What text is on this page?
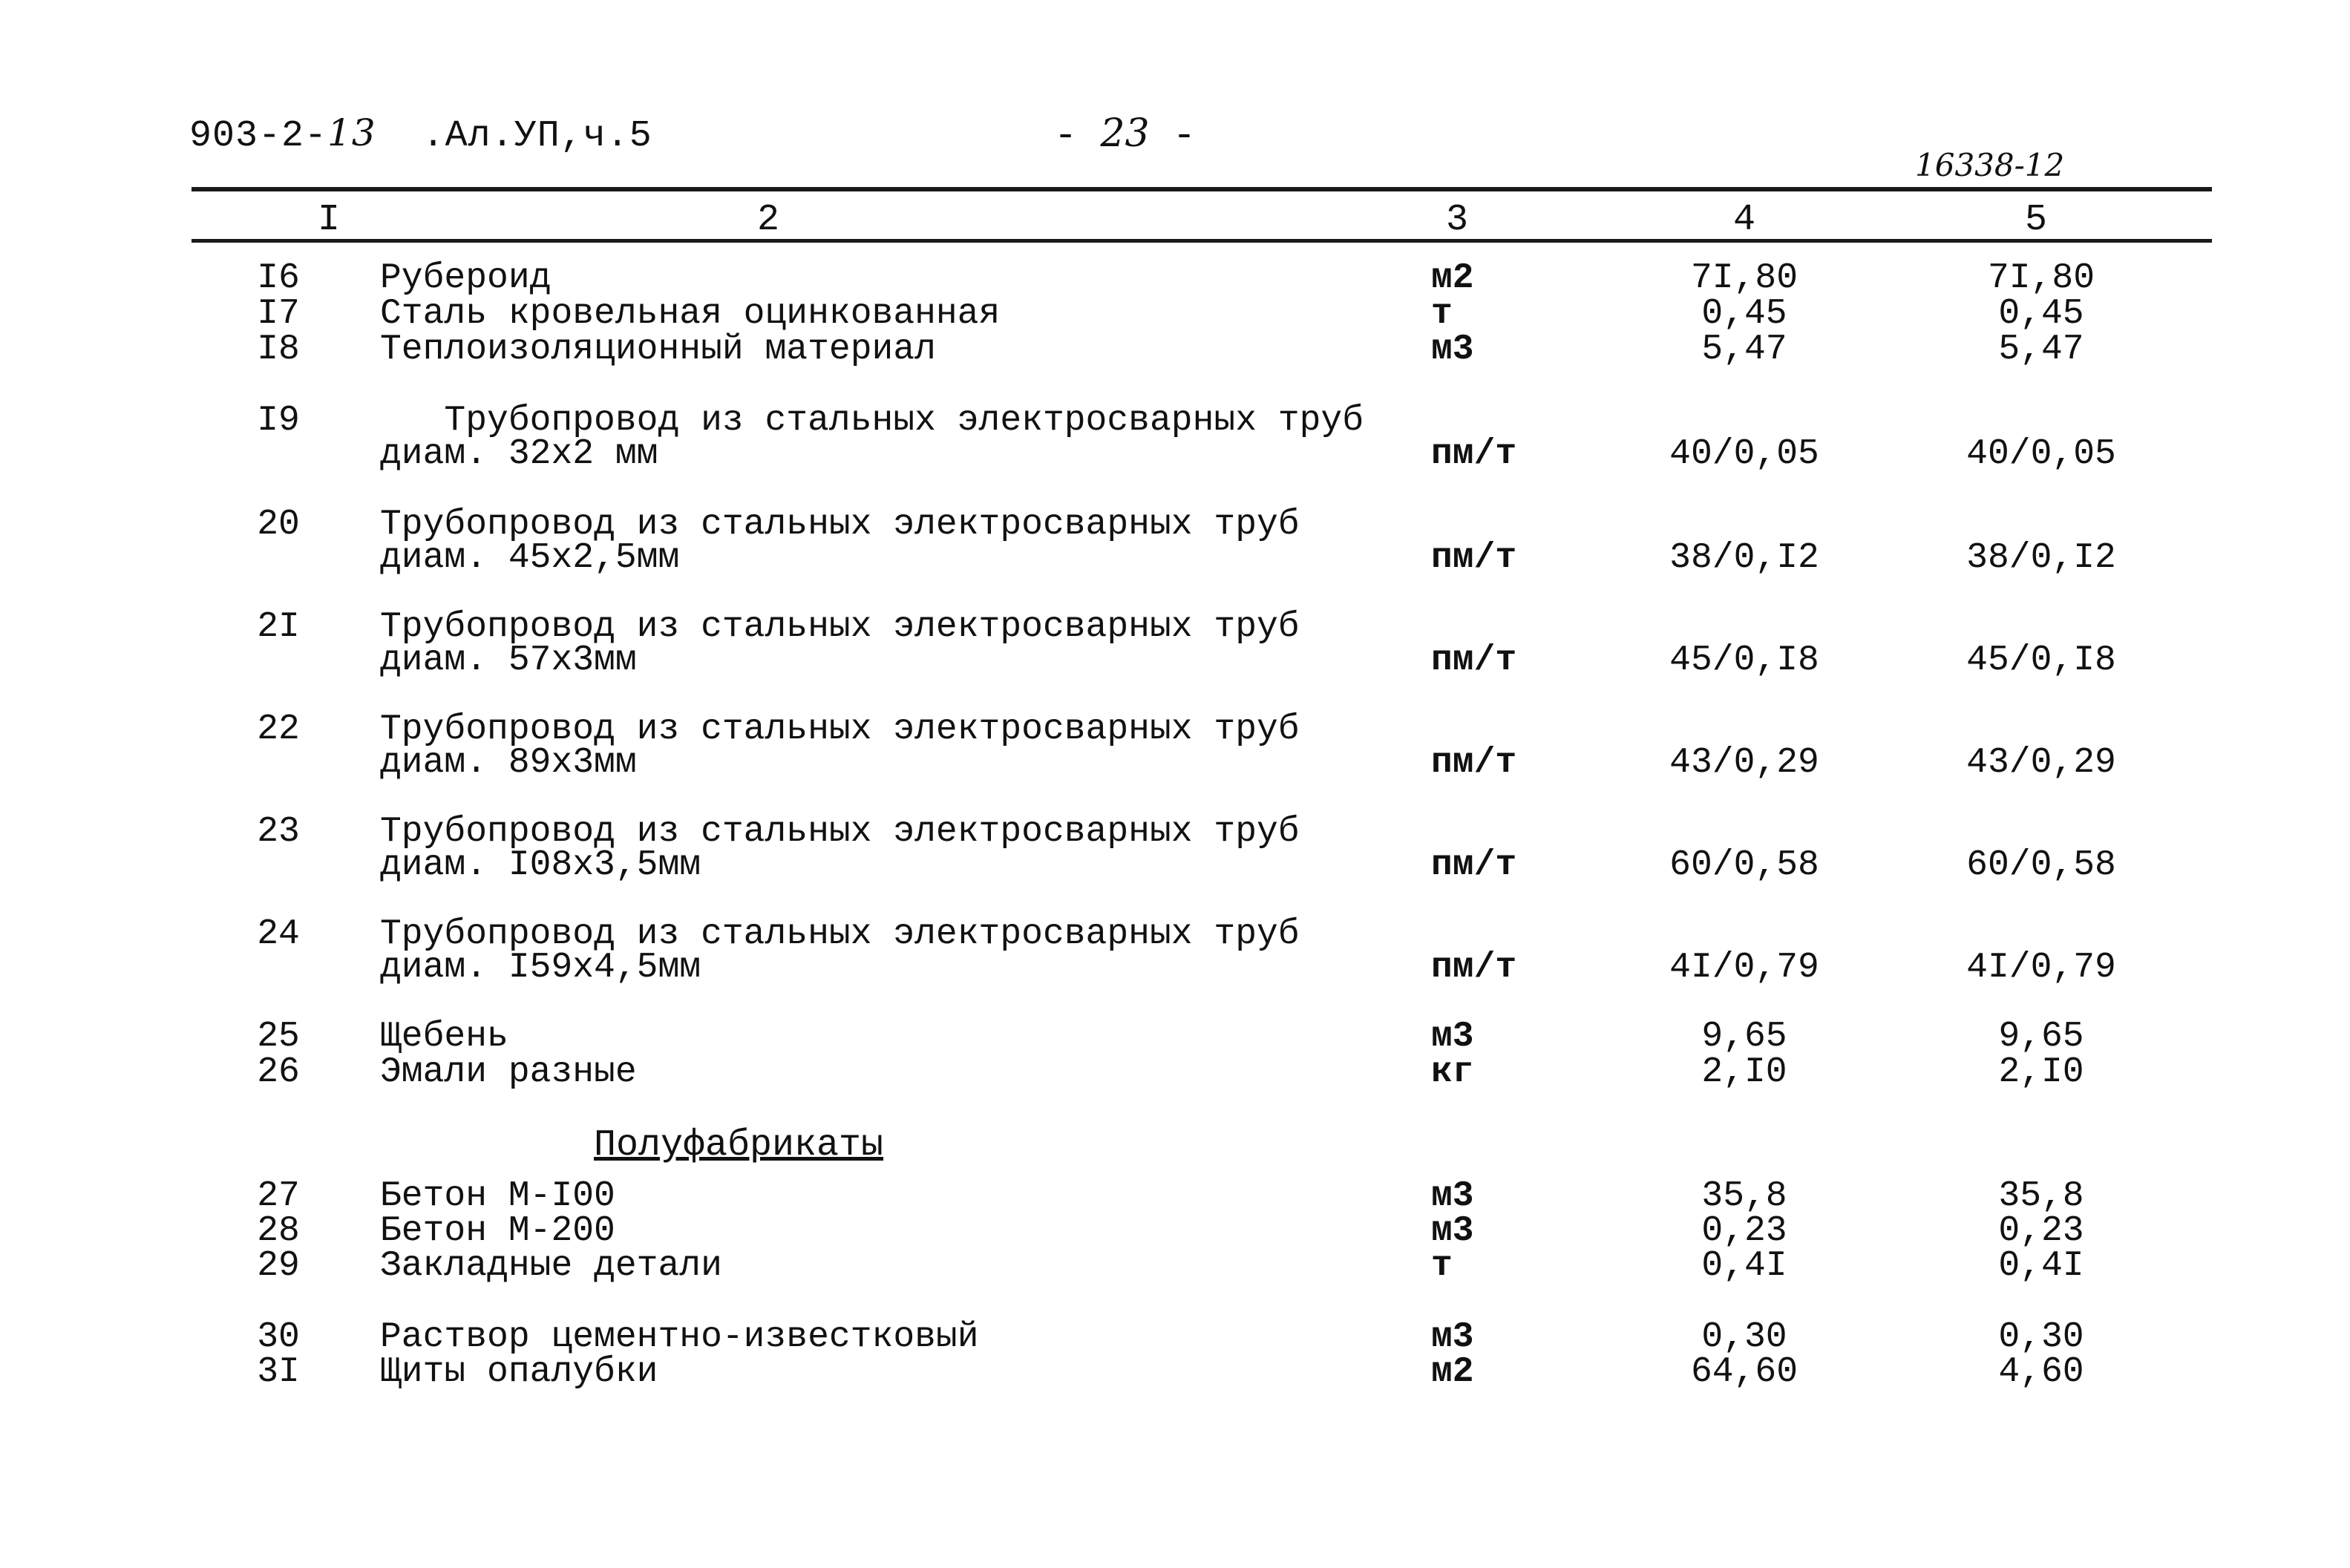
903-2-13 .Ал.УП,ч.5	- 23 -
16338-12
I	2	3	4	5
I6	Рубероид	м2	7I,80	7I,80
I7	Сталь кровельная оцинкованная	т	0,45	0,45
I8	Теплоизоляционный материал	м3	5,47	5,47
I9	Трубопровод из стальных электросварных труб
диам. 32х2 мм	пм/т	40/0,05	40/0,05
20	Трубопровод из стальных электросварных труб
диам. 45х2,5мм	пм/т	38/0,I2	38/0,I2
2I	Трубопровод из стальных электросварных труб
диам. 57х3мм	пм/т	45/0,I8	45/0,I8
22	Трубопровод из стальных электросварных труб
диам. 89х3мм	пм/т	43/0,29	43/0,29
23	Трубопровод из стальных электросварных труб
диам. I08х3,5мм	пм/т	60/0,58	60/0,58
24	Трубопровод из стальных электросварных труб
диам. I59х4,5мм	пм/т	4I/0,79	4I/0,79
25	Щебень	м3	9,65	9,65
26	Эмали разные	кг	2,I0	2,I0
Полуфабрикаты
27	Бетон М-I00	м3	35,8	35,8
28	Бетон М-200	м3	0,23	0,23
29	Закладные детали	т	0,4I	0,4I
30	Раствор цементно-известковый	м3	0,30	0,30
3I	Щиты опалубки	м2	64,60	4,60
